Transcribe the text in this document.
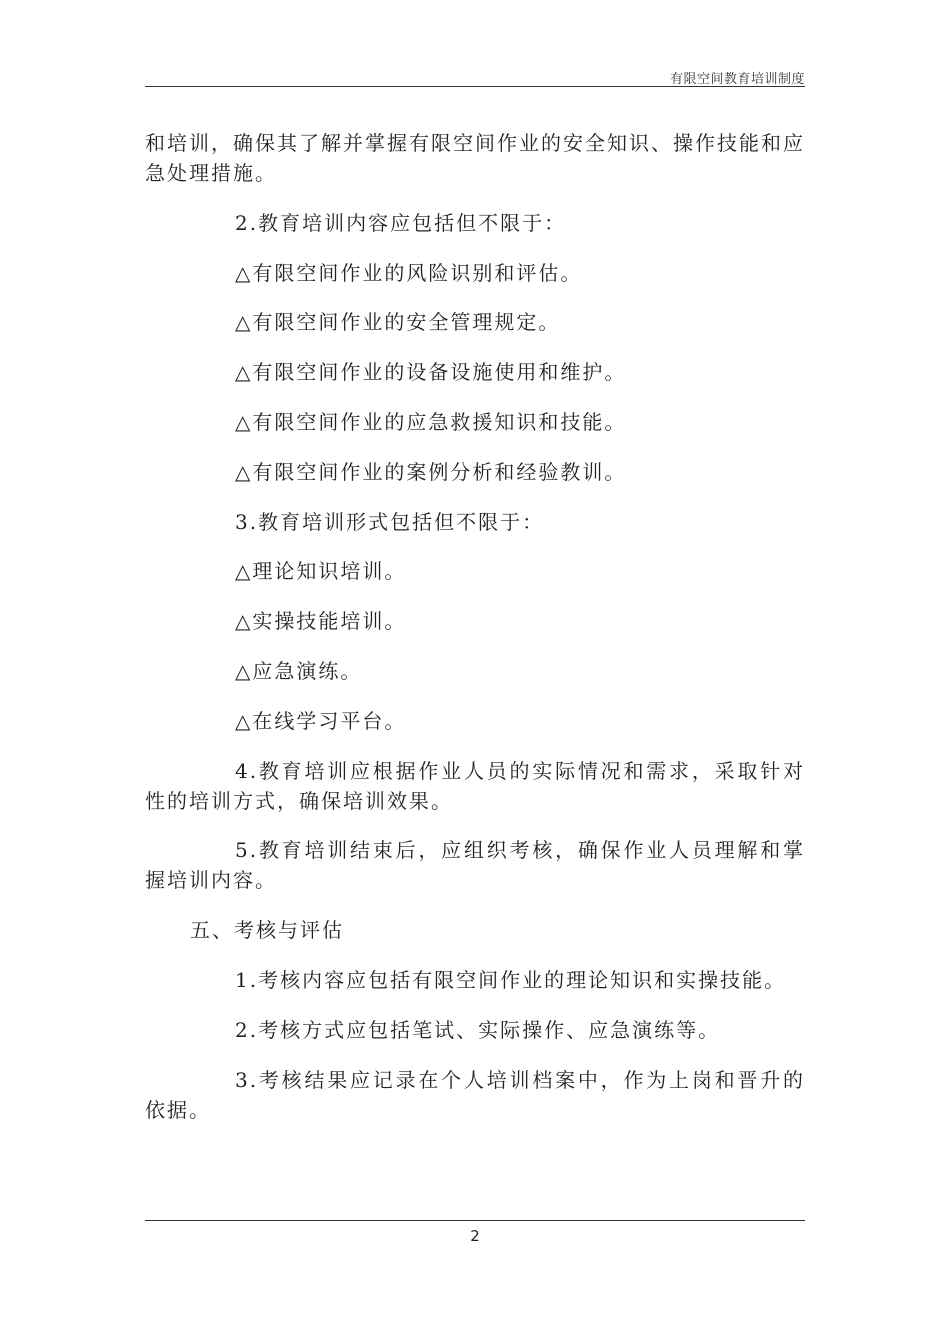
有限空间教育培训制度

和培训，确保其了解并掌握有限空间作业的安全知识、操作技能和应急处理措施。

2.教育培训内容应包括但不限于：

△有限空间作业的风险识别和评估。

△有限空间作业的安全管理规定。

△有限空间作业的设备设施使用和维护。

△有限空间作业的应急救援知识和技能。

△有限空间作业的案例分析和经验教训。

3.教育培训形式包括但不限于：

△理论知识培训。

△实操技能培训。

△应急演练。

△在线学习平台。

4.教育培训应根据作业人员的实际情况和需求，采取针对性的培训方式，确保培训效果。

5.教育培训结束后，应组织考核，确保作业人员理解和掌握培训内容。

五、考核与评估

1.考核内容应包括有限空间作业的理论知识和实操技能。

2.考核方式应包括笔试、实际操作、应急演练等。

3.考核结果应记录在个人培训档案中，作为上岗和晋升的依据。

2
